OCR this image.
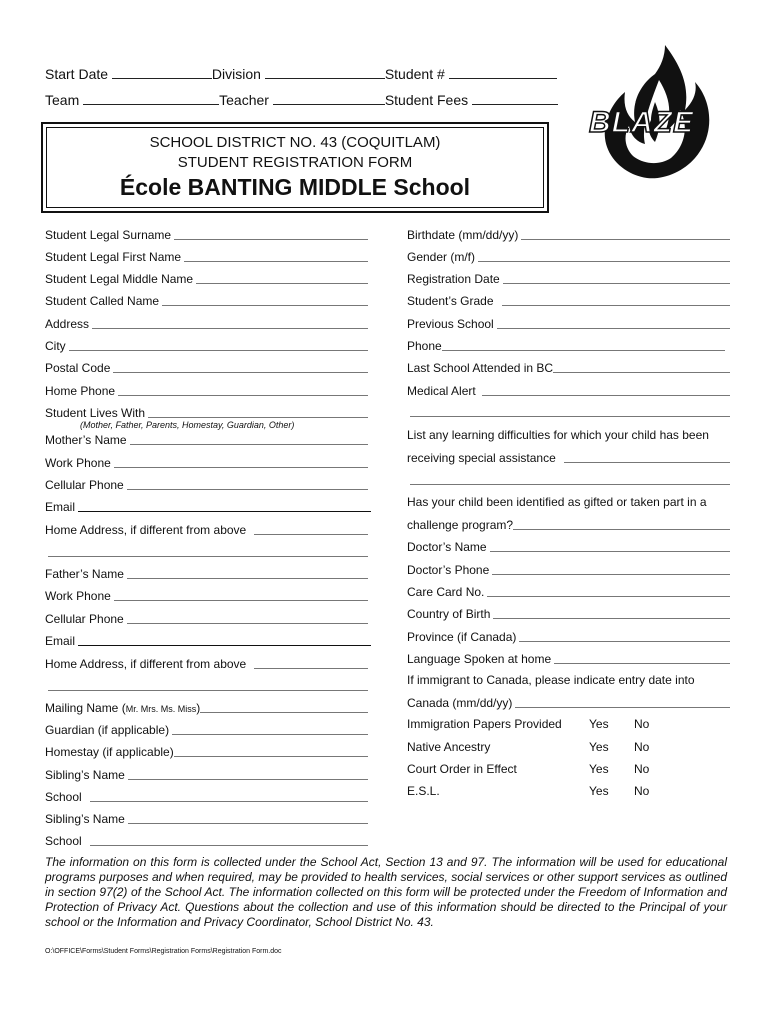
Start Date	Division	Student #
Team	Teacher	Student Fees
BLAZE
SCHOOL DISTRICT NO. 43 (COQUITLAM)
STUDENT REGISTRATION FORM
École BANTING MIDDLE School
Student Legal Surname
Student Legal First Name
Student Legal Middle Name
Student Called Name
Address
City
Postal Code
Home Phone
Student Lives With
(Mother, Father, Parents, Homestay, Guardian, Other)
Mother’s Name
Work Phone
Cellular Phone
Email
Home Address, if different from above
Father’s Name
Work Phone
Cellular Phone
Email
Home Address, if different from above
Mailing Name (Mr. Mrs. Ms. Miss)
Guardian (if applicable)
Homestay (if applicable)
Sibling’s Name
School
Sibling’s Name
School
Birthdate (mm/dd/yy)
Gender (m/f)
Registration Date
Student’s Grade
Previous School
Phone
Last School Attended in BC
Medical Alert
List any learning difficulties for which your child has been
receiving special assistance
Has your child been identified as gifted or taken part in a
challenge program?
Doctor’s Name
Doctor’s Phone
Care Card No.
Country of Birth
Province (if Canada)
Language Spoken at home
If immigrant to Canada, please indicate entry date into
Canada (mm/dd/yy)
Immigration Papers Provided Yes No
Native Ancestry	Yes No
Court Order in Effect	Yes No
E.S.L.	Yes No
The information on this form is collected under the School Act, Section 13 and 97. The information will be used for educational programs purposes and when required, may be provided to health services, social services or other support services as outlined in section 97(2) of the School Act. The information collected on this form will be protected under the Freedom of Information and Protection of Privacy Act. Questions about the collection and use of this information should be directed to the Principal of your school or the Information and Privacy Coordinator, School District No. 43.
O:\OFFICE\Forms\Student Forms\Registration Forms\Registration Form.doc
